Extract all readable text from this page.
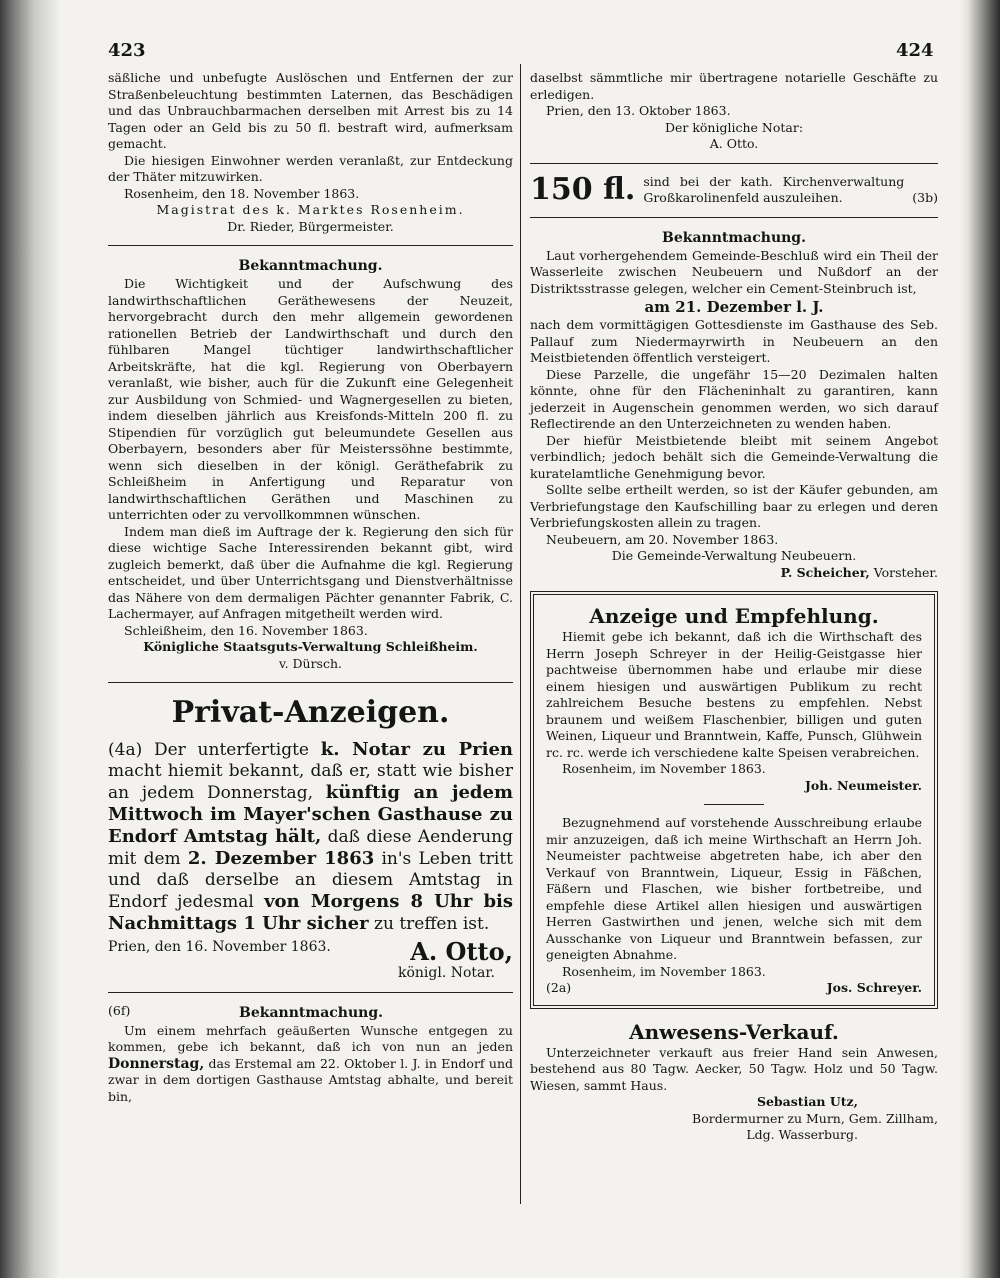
423	424

säßliche und unbefugte Auslöschen und Entfernen der zur Straßenbeleuchtung bestimmten Laternen, das Beschädigen und das Unbrauchbarmachen derselben mit Arrest bis zu 14 Tagen oder an Geld bis zu 50 fl. bestraft wird, aufmerksam gemacht.

Die hiesigen Einwohner werden veranlaßt, zur Entdeckung der Thäter mitzuwirken.

Rosenheim, den 18. November 1863.

Magistrat des k. Marktes Rosenheim.

Dr. Rieder, Bürgermeister.

Bekanntmachung.

Die Wichtigkeit und der Aufschwung des landwirthschaftlichen Geräthewesens der Neuzeit, hervorgebracht durch den mehr allgemein gewordenen rationellen Betrieb der Landwirthschaft und durch den fühlbaren Mangel tüchtiger landwirthschaftlicher Arbeitskräfte, hat die kgl. Regierung von Oberbayern veranlaßt, wie bisher, auch für die Zukunft eine Gelegenheit zur Ausbildung von Schmied- und Wagnergesellen zu bieten, indem dieselben jährlich aus Kreisfonds-Mitteln 200 fl. zu Stipendien für vorzüglich gut beleumundete Gesellen aus Oberbayern, besonders aber für Meisterssöhne bestimmte, wenn sich dieselben in der königl. Geräthefabrik zu Schleißheim in Anfertigung und Reparatur von landwirthschaftlichen Geräthen und Maschinen zu unterrichten oder zu vervollkommnen wünschen.

Indem man dieß im Auftrage der k. Regierung den sich für diese wichtige Sache Interessirenden bekannt gibt, wird zugleich bemerkt, daß über die Aufnahme die kgl. Regierung entscheidet, und über Unterrichtsgang und Dienstverhältnisse das Nähere von dem dermaligen Pächter genannter Fabrik, C. Lachermayer, auf Anfragen mitgetheilt werden wird.

Schleißheim, den 16. November 1863.

Königliche Staatsguts-Verwaltung Schleißheim.

v. Dürsch.

Privat-Anzeigen.

(4a) Der unterfertigte k. Notar zu Prien macht hiemit bekannt, daß er, statt wie bisher an jedem Donnerstag, künftig an jedem Mittwoch im Mayer'schen Gasthause zu Endorf Amtstag hält, daß diese Aenderung mit dem 2. Dezember 1863 in's Leben tritt und daß derselbe an diesem Amtstag in Endorf jedesmal von Morgens 8 Uhr bis Nachmittags 1 Uhr sicher zu treffen ist.

Prien, den 16. November 1863.	A. Otto,

königl. Notar.

(6f)	Bekanntmachung.

Um einem mehrfach geäußerten Wunsche entgegen zu kommen, gebe ich bekannt, daß ich von nun an jeden Donnerstag, das Erstemal am 22. Oktober l. J. in Endorf und zwar in dem dortigen Gasthause Amtstag abhalte, und bereit bin,

daselbst sämmtliche mir übertragene notarielle Geschäfte zu erledigen.

Prien, den 13. Oktober 1863.

Der königliche Notar:

A. Otto.

150 fl. sind bei der kath. Kirchenverwaltung Großkarolinenfeld auszuleihen.	(3b)

Bekanntmachung.

Laut vorhergehendem Gemeinde-Beschluß wird ein Theil der Wasserleite zwischen Neubeuern und Nußdorf an der Distriktsstrasse gelegen, welcher ein Cement-Steinbruch ist,

am 21. Dezember l. J.

nach dem vormittägigen Gottesdienste im Gasthause des Seb. Pallauf zum Niedermayrwirth in Neubeuern an den Meistbietenden öffentlich versteigert.

Diese Parzelle, die ungefähr 15—20 Dezimalen halten könnte, ohne für den Flächeninhalt zu garantiren, kann jederzeit in Augenschein genommen werden, wo sich darauf Reflectirende an den Unterzeichneten zu wenden haben.

Der hiefür Meistbietende bleibt mit seinem Angebot verbindlich; jedoch behält sich die Gemeinde-Verwaltung die kuratelamtliche Genehmigung bevor.

Sollte selbe ertheilt werden, so ist der Käufer gebunden, am Verbriefungstage den Kaufschilling baar zu erlegen und deren Verbriefungskosten allein zu tragen.

Neubeuern, am 20. November 1863.

Die Gemeinde-Verwaltung Neubeuern.

P. Scheicher, Vorsteher.

Anzeige und Empfehlung.

Hiemit gebe ich bekannt, daß ich die Wirthschaft des Herrn Joseph Schreyer in der Heilig-Geistgasse hier pachtweise übernommen habe und erlaube mir diese einem hiesigen und auswärtigen Publikum zu recht zahlreichem Besuche bestens zu empfehlen. Nebst braunem und weißem Flaschenbier, billigen und guten Weinen, Liqueur und Branntwein, Kaffe, Punsch, Glühwein rc. rc. werde ich verschiedene kalte Speisen verabreichen.

Rosenheim, im November 1863.

Joh. Neumeister.

Bezugnehmend auf vorstehende Ausschreibung erlaube mir anzuzeigen, daß ich meine Wirthschaft an Herrn Joh. Neumeister pachtweise abgetreten habe, ich aber den Verkauf von Branntwein, Liqueur, Essig in Fäßchen, Fäßern und Flaschen, wie bisher fortbetreibe, und empfehle diese Artikel allen hiesigen und auswärtigen Herren Gastwirthen und jenen, welche sich mit dem Ausschanke von Liqueur und Branntwein befassen, zur geneigten Abnahme.

Rosenheim, im November 1863.

(2a)	Jos. Schreyer.

Anwesens-Verkauf.

Unterzeichneter verkauft aus freier Hand sein Anwesen, bestehend aus 80 Tagw. Aecker, 50 Tagw. Holz und 50 Tagw. Wiesen, sammt Haus.

Sebastian Utz,

Bordermurner zu Murn, Gem. Zillham,

Ldg. Wasserburg.
